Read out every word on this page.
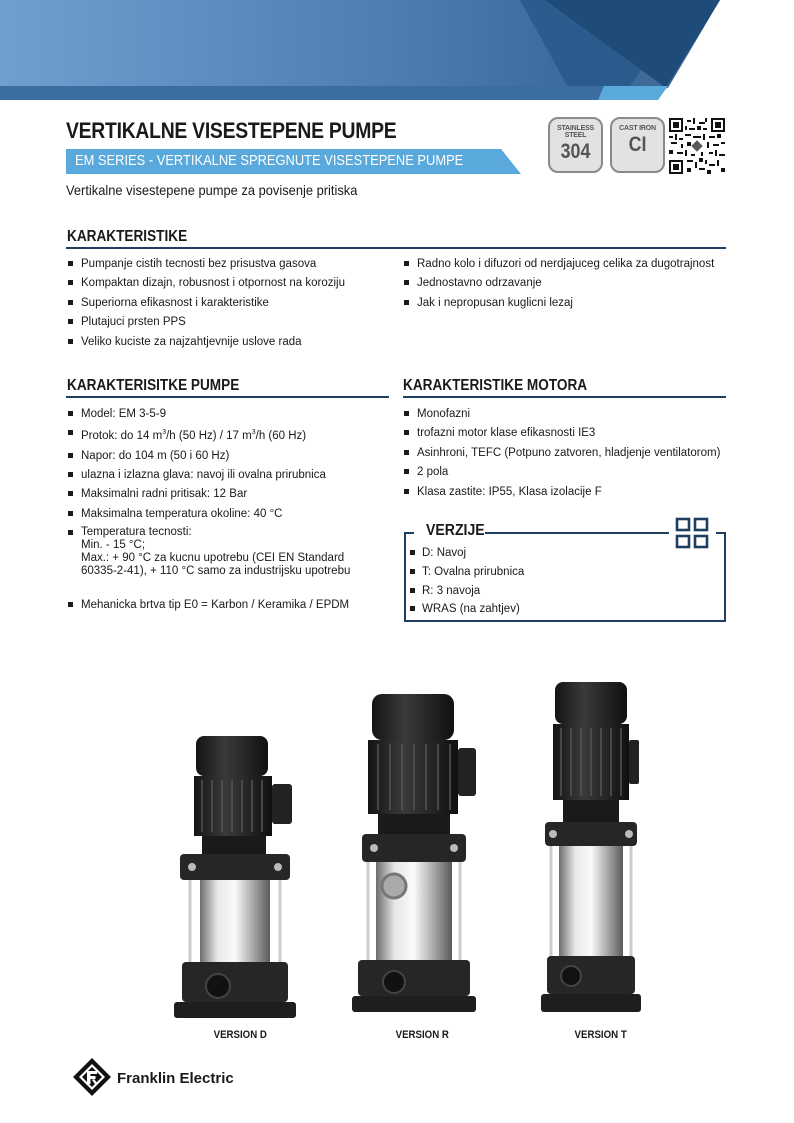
VERTIKALNE VISESTEPENE PUMPE
EM SERIES - VERTIKALNE SPREGNUTE VISESTEPENE PUMPE
Vertikalne visestepene pumpe za povisenje pritiska
STAINLESS STEEL
304
CAST IRON
CI
KARAKTERISTIKE
Pumpanje cistih tecnosti bez prisustva gasova
Kompaktan dizajn, robusnost i otpornost na koroziju
Superiorna efikasnost i karakteristike
Plutajuci prsten PPS
Veliko kuciste za najzahtjevnije uslove rada
Radno kolo i difuzori od nerdjajuceg celika za dugotrajnost
Jednostavno odrzavanje
Jak i nepropusan kuglicni lezaj
KARAKTERISITKE PUMPE
Model: EM 3-5-9
Protok: do 14 $m^3/h$ (50 Hz) / 17 $m^3/h$ (60 Hz)
Napor: do 104 m (50 i 60 Hz)
ulazna i izlazna glava: navoj ili ovalna prirubnica
Maksimalni radni pritisak: 12 Bar
Maksimalna temperatura okoline: 40 °C
Temperatura tecnosti:
Min. - 15 °C;
Max.: + 90 °C za kucnu upotrebu (CEI EN Standard
60335-2-41), + 110 °C samo za industrijsku upotrebu
Mehanicka brtva tip E0 = Karbon / Keramika / EPDM
KARAKTERISTIKE MOTORA
Monofazni
trofazni motor klase efikasnosti IE3
Asinhroni, TEFC (Potpuno zatvoren, hladjenje ventilatorom)
2 pola
Klasa zastite: IP55, Klasa izolacije F
VERZIJE
D: Navoj
T: Ovalna prirubnica
R: 3 navoja
WRAS (na zahtjev)
VERSION D	VERSION R	VERSION T
Franklin Electric
